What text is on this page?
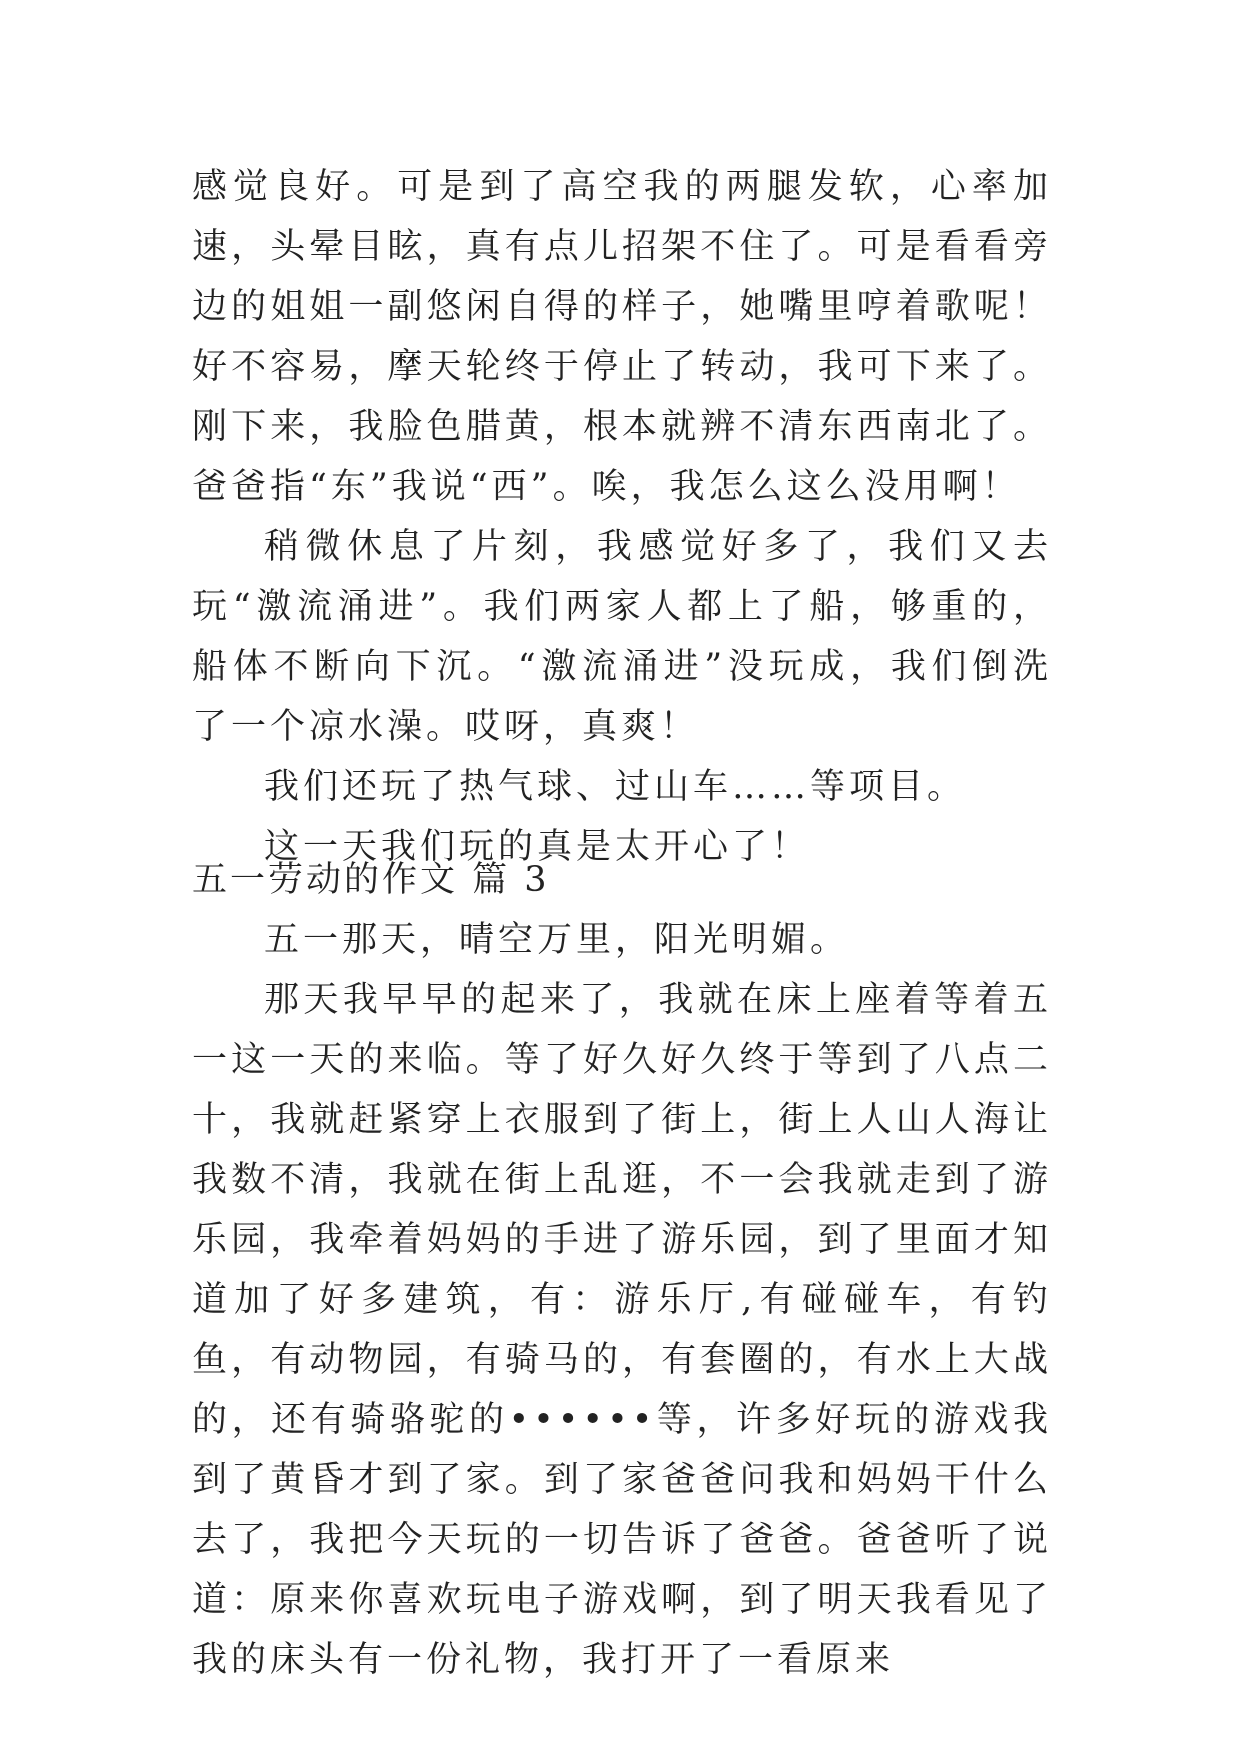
感觉良好。可是到了高空我的两腿发软，心率加速，头晕目眩，真有点儿招架不住了。可是看看旁边的姐姐一副悠闲自得的样子，她嘴里哼着歌呢！好不容易，摩天轮终于停止了转动，我可下来了。刚下来，我脸色腊黄，根本就辨不清东西南北了。爸爸指“东”我说“西”。唉，我怎么这么没用啊！

稍微休息了片刻，我感觉好多了，我们又去玩“激流涌进”。我们两家人都上了船，够重的，船体不断向下沉。“激流涌进”没玩成，我们倒洗了一个凉水澡。哎呀，真爽！

我们还玩了热气球、过山车……等项目。

这一天我们玩的真是太开心了！

五一劳动的作文 篇 3

五一那天，晴空万里，阳光明媚。

那天我早早的起来了，我就在床上座着等着五一这一天的来临。等了好久好久终于等到了八点二十，我就赶紧穿上衣服到了街上，街上人山人海让我数不清，我就在街上乱逛，不一会我就走到了游乐园，我牵着妈妈的手进了游乐园，到了里面才知道加了好多建筑，有：游乐厅,有碰碰车，有钓鱼，有动物园，有骑马的，有套圈的，有水上大战的，还有骑骆驼的••••••等，许多好玩的游戏我到了黄昏才到了家。到了家爸爸问我和妈妈干什么去了，我把今天玩的一切告诉了爸爸。爸爸听了说道：原来你喜欢玩电子游戏啊，到了明天我看见了我的床头有一份礼物，我打开了一看原来
